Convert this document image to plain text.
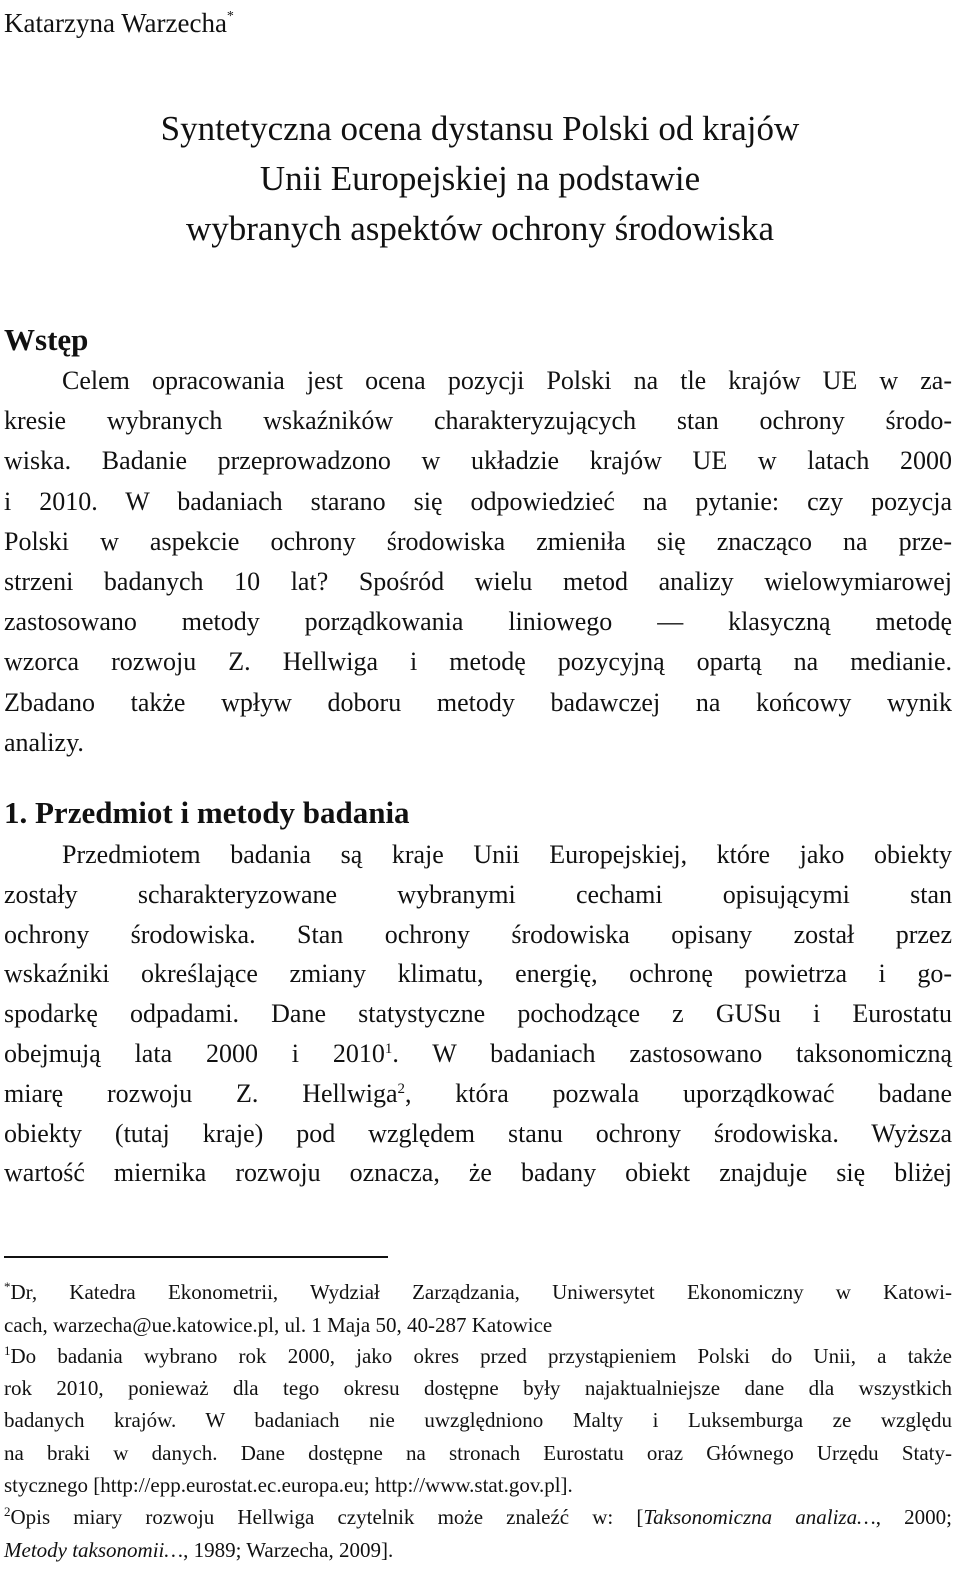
Katarzyna Warzecha*
Syntetyczna ocena dystansu Polski od krajów
Unii Europejskiej na podstawie
wybranych aspektów ochrony środowiska
Wstęp
Celem opracowania jest ocena pozycji Polski na tle krajów UE w za-
kresie wybranych wskaźników charakteryzujących stan ochrony środo-
wiska. Badanie przeprowadzono w układzie krajów UE w latach 2000
i 2010. W badaniach starano się odpowiedzieć na pytanie: czy pozycja
Polski w aspekcie ochrony środowiska zmieniła się znacząco na prze-
strzeni badanych 10 lat? Spośród wielu metod analizy wielowymiarowej
zastosowano metody porządkowania liniowego — klasyczną metodę
wzorca rozwoju Z. Hellwiga i metodę pozycyjną opartą na medianie.
Zbadano także wpływ doboru metody badawczej na końcowy wynik
analizy.
1. Przedmiot i metody badania
Przedmiotem badania są kraje Unii Europejskiej, które jako obiekty
zostały scharakteryzowane wybranymi cechami opisującymi stan
ochrony środowiska. Stan ochrony środowiska opisany został przez
wskaźniki określające zmiany klimatu, energię, ochronę powietrza i go-
spodarkę odpadami. Dane statystyczne pochodzące z GUSu i Eurostatu
obejmują lata 2000 i 2010$^1$. W badaniach zastosowano taksonomiczną
miarę rozwoju Z. Hellwiga$^2$, która pozwala uporządkować badane
obiekty (tutaj kraje) pod względem stanu ochrony środowiska. Wyższa
wartość miernika rozwoju oznacza, że badany obiekt znajduje się bliżej
*Dr, Katedra Ekonometrii, Wydział Zarządzania, Uniwersytet Ekonomiczny w Katowi-
cach, warzecha@ue.katowice.pl, ul. 1 Maja 50, 40-287 Katowice
$^1$Do badania wybrano rok 2000, jako okres przed przystąpieniem Polski do Unii, a także
rok 2010, ponieważ dla tego okresu dostępne były najaktualniejsze dane dla wszystkich
badanych krajów. W badaniach nie uwzględniono Malty i Luksemburga ze względu
na braki w danych. Dane dostępne na stronach Eurostatu oraz Głównego Urzędu Staty-
stycznego [http://epp.eurostat.ec.europa.eu; http://www.stat.gov.pl].
$^2$Opis miary rozwoju Hellwiga czytelnik może znaleźć w: [Taksonomiczna analiza…, 2000;
Metody taksonomii…, 1989; Warzecha, 2009].
